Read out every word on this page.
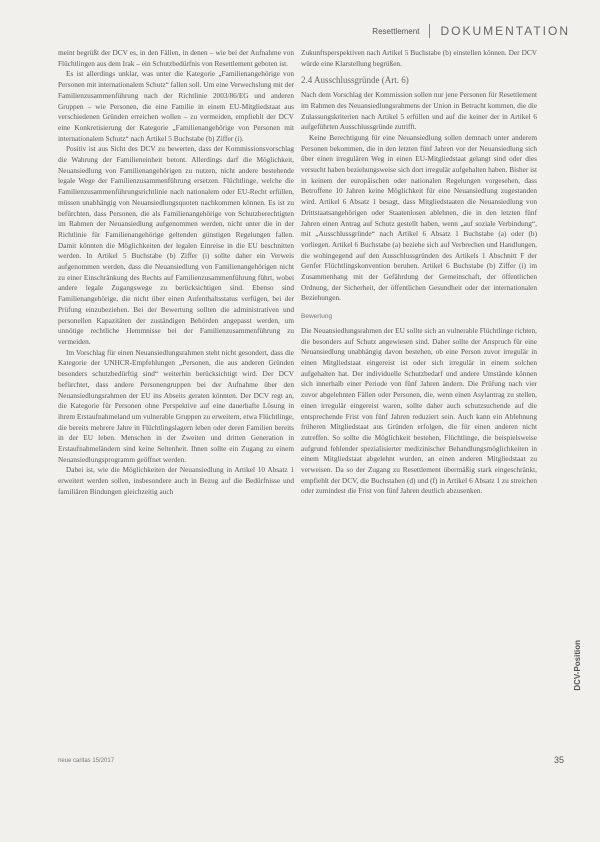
Resettlement DOKUMENTATION

meint begrüßt der DCV es, in den Fällen, in denen – wie bei der Aufnahme von Flüchtlingen aus dem Irak – ein Schutzbedürfnis von Resettlement geboten ist.

Es ist allerdings unklar, was unter die Kategorie „Familienangehörige von Personen mit internationalem Schutz“ fallen soll. Um eine Verwechslung mit der Familienzusammenführung nach der Richtlinie 2003/86/EG und anderen Gruppen – wie Personen, die eine Familie in einem EU-Mitgliedstaat aus verschiedenen Gründen erreichen wollen – zu vermeiden, empfiehlt der DCV eine Konkretisierung der Kategorie „Familienangehörige von Personen mit internationalem Schutz“ nach Artikel 5 Buchstabe (b) Ziffer (i).

Positiv ist aus Sicht des DCV zu bewerten, dass der Kommissionsvorschlag die Wahrung der Familieneinheit betont. Allerdings darf die Möglichkeit, Neuansiedlung von Familienangehörigen zu nutzen, nicht andere bestehende legale Wege der Familienzusammenführung ersetzen. Flüchtlinge, welche die Familienzusammenführungsrichtlinie nach nationalem oder EU-Recht erfüllen, müssen unabhängig von Neuansiedlungsquoten nachkommen können. Es ist zu befürchten, dass Personen, die als Familienangehörige von Schutzberechtigten im Rahmen der Neuansiedlung aufgenommen werden, nicht unter die in der Richtlinie für Familienangehörige geltenden günstigen Regelungen fallen. Damit könnten die Möglichkeiten der legalen Einreise in die EU beschnitten werden. In Artikel 5 Buchstabe (b) Ziffer (i) sollte daher ein Verweis aufgenommen werden, dass die Neuansiedlung von Familienangehörigen nicht zu einer Einschränkung des Rechts auf Familienzusammenführung führt, wobei andere legale Zugangswege zu berücksichtigen sind. Ebenso sind Familienangehörige, die nicht über einen Aufenthaltsstatus verfügen, bei der Prüfung einzubeziehen. Bei der Bewertung sollten die administrativen und personellen Kapazitäten der zuständigen Behörden angepasst werden, um unnötige rechtliche Hemmnisse bei der Familienzusammenführung zu vermeiden.

Im Vorschlag für einen Neuansiedlungsrahmen steht nicht gesondert, dass die Kategorie der UNHCR-Empfehlungen „Personen, die aus anderen Gründen besonders schutzbedürftig sind“ weiterhin berücksichtigt wird. Der DCV befürchtet, dass andere Personengruppen bei der Aufnahme über den Neuansiedlungsrahmen der EU ins Abseits geraten könnten. Der DCV regt an, die Kategorie für Personen ohne Perspektive auf eine dauerhafte Lösung in ihrem Erstaufnahmeland um vulnerable Gruppen zu erweitern, etwa Flüchtlinge, die bereits mehrere Jahre in Flüchtlingslagern leben oder deren Familien bereits in der EU leben. Menschen in der Zweiten und dritten Generation in Erstaufnahmeländern sind keine Seltenheit. Ihnen sollte ein Zugang zu einem Neuansiedlungsprogramm geöffnet werden.

Dabei ist, wie die Möglichkeiten der Neuansiedlung in Artikel 10 Absatz 1 erweitert werden sollen, insbesondere auch in Bezug auf die Bedürfnisse und familiären Bindungen gleichzeitig auch

Zukunftsperspektiven nach Artikel 5 Buchstabe (b) einstellen können. Der DCV würde eine Klarstellung begrüßen.

2.4 Ausschlussgründe (Art. 6)

Nach dem Vorschlag der Kommission sollen nur jene Personen für Resettlement im Rahmen des Neuansiedlungsrahmens der Union in Betracht kommen, die die Zulassungskriterien nach Artikel 5 erfüllen und auf die keiner der in Artikel 6 aufgeführten Ausschlussgründe zutrifft.

Keine Berechtigung für eine Neuansiedlung sollen demnach unter anderem Personen bekommen, die in den letzten fünf Jahren vor der Neuansiedlung sich über einen irregulären Weg in einen EU-Mitgliedstaat gelangt sind oder dies versucht haben beziehungsweise sich dort irregulär aufgehalten haben. Bisher ist in keinem der europäischen oder nationalen Regelungen vorgesehen, dass Betroffene 10 Jahren keine Möglichkeit für eine Neuansiedlung zugestanden wird. Artikel 6 Absatz 1 besagt, dass Mitgliedstaaten die Neuansiedlung von Drittstaatsangehörigen oder Staatenlosen ablehnen, die in den letzten fünf Jahren einen Antrag auf Schutz gestellt haben, wenn „auf soziale Verbindung“, mit „Ausschlussgründe“ nach Artikel 6 Absatz 1 Buchstabe (a) oder (b) vorliegen. Artikel 6 Buchstabe (a) beziehe sich auf Verbrechen und Handlungen, die wohingegend auf den Ausschlussgründen des Artikels 1 Abschnitt F der Genfer Flüchtlingskonvention beruhen. Artikel 6 Buchstabe (b) Ziffer (i) im Zusammenhang mit der Gefährdung der Gemeinschaft, der öffentlichen Ordnung, der Sicherheit, der öffentlichen Gesundheit oder der internationalen Beziehungen.

Bewertung

Die Neuansiedlungsrahmen der EU sollte sich an vulnerable Flüchtlinge richten, die besonders auf Schutz angewiesen sind. Daher sollte der Anspruch für eine Neuansiedlung unabhängig davon bestehen, ob eine Person zuvor irregulär in einen Mitgliedstaat eingereist ist oder sich irregulär in einem solchen aufgehalten hat. Der individuelle Schutzbedarf und andere Umstände können sich innerhalb einer Periode von fünf Jahren ändern. Die Prüfung nach vier zuvor abgelehnten Fällen oder Personen, die, wenn einen Asylantrag zu stellen, einen irregulär eingereist waren, sollte daher auch schutzsuchende auf die entsprechende Frist von fünf Jahren reduziert sein. Auch kann ein Ablehnung früheren Mitgliedstaat aus Gründen erfolgen, die für einen anderen nicht zutreffen. So sollte die Möglichkeit bestehen, Flüchtlinge, die beispielsweise aufgrund fehlender spezialisierter medizinischer Behandlungsmöglichkeiten in einem Mitgliedstaat abgelehnt wurden, an einen anderen Mitgliedstaat zu verweisen. Da so der Zugang zu Resettlement übermäßig stark eingeschränkt, empfiehlt der DCV, die Buchstaben (d) und (f) in Artikel 6 Absatz 1 zu streichen oder zumindest die Frist von fünf Jahren deutlich abzusenken.

neue caritas 15/2017	35
DCV-Position
